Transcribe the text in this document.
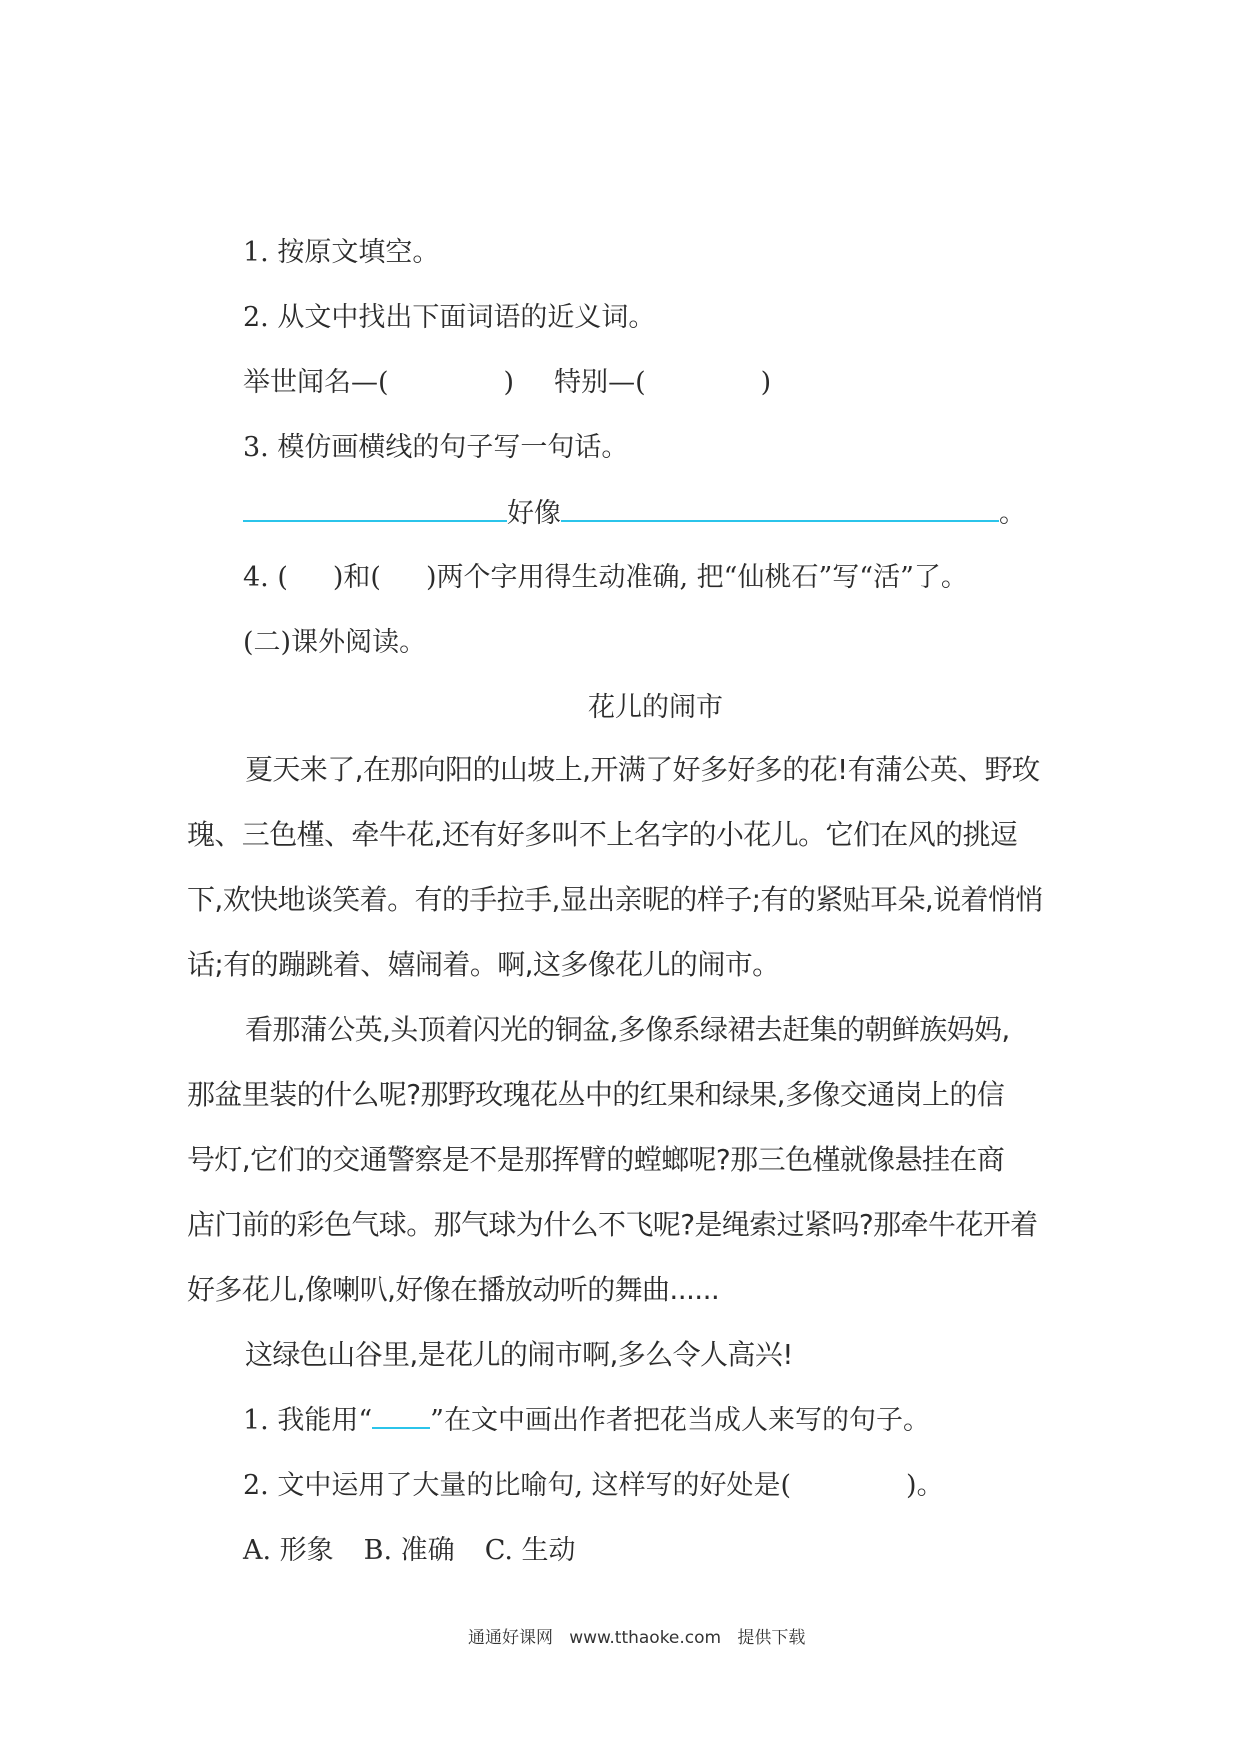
1. 按原文填空。
2. 从文中找出下面词语的近义词。
举世闻名—(	) 特别—(	)
3. 模仿画横线的句子写一句话。
好像	。
4. ( )和( )两个字用得生动准确, 把“仙桃石”写“活”了。
(二)课外阅读。
花儿的闹市
夏天来了,在那向阳的山坡上,开满了好多好多的花!有蒲公英、野玫
瑰、三色槿、牵牛花,还有好多叫不上名字的小花儿。它们在风的挑逗
下,欢快地谈笑着。有的手拉手,显出亲昵的样子;有的紧贴耳朵,说着悄悄
话;有的蹦跳着、嬉闹着。啊,这多像花儿的闹市。
看那蒲公英,头顶着闪光的铜盆,多像系绿裙去赶集的朝鲜族妈妈,
那盆里装的什么呢?那野玫瑰花丛中的红果和绿果,多像交通岗上的信
号灯,它们的交通警察是不是那挥臂的螳螂呢?那三色槿就像悬挂在商
店门前的彩色气球。那气球为什么不飞呢?是绳索过紧吗?那牵牛花开着
好多花儿,像喇叭,好像在播放动听的舞曲......
这绿色山谷里,是花儿的闹市啊,多么令人高兴!
1. 我能用“ ”在文中画出作者把花当成人来写的句子。
2. 文中运用了大量的比喻句, 这样写的好处是(	)。
A. 形象 B. 准确 C. 生动
通通好课网 www.tthaoke.com 提供下载
